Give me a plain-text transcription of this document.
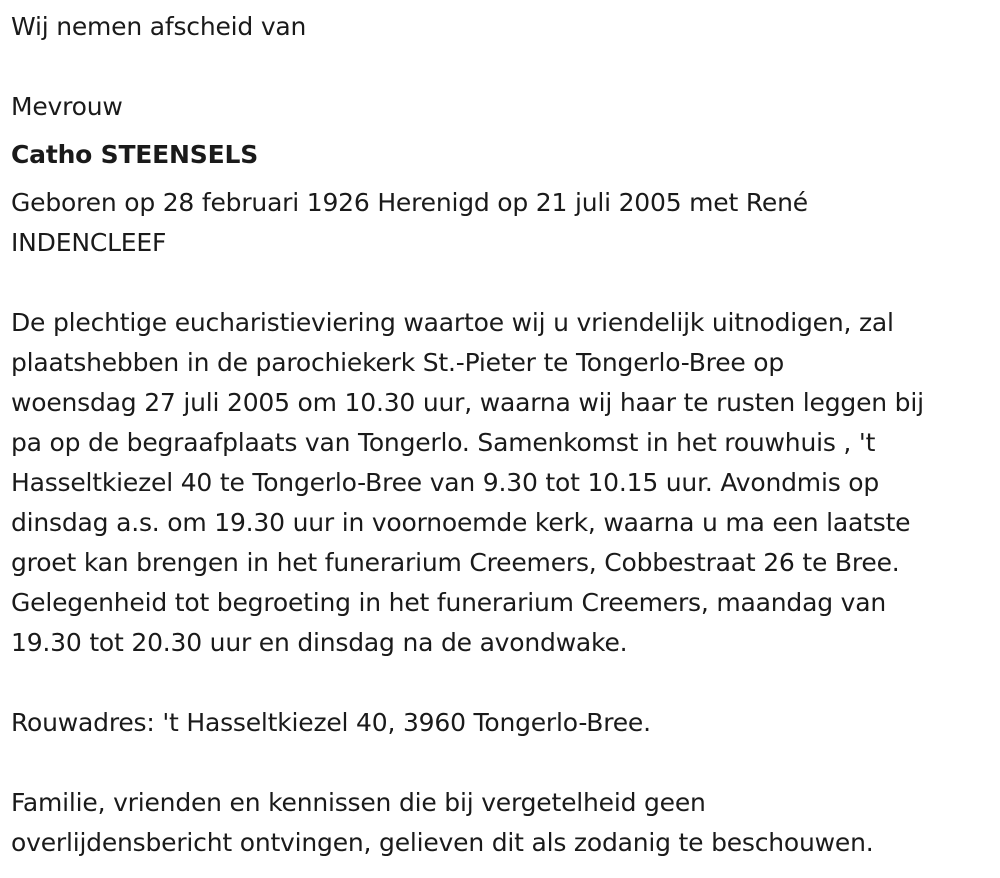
Wij nemen afscheid van

Mevrouw

Catho STEENSELS

Geboren op 28 februari 1926 Herenigd op 21 juli 2005 met René

INDENCLEEF

De plechtige eucharistieviering waartoe wij u vriendelijk uitnodigen, zal

plaatshebben in de parochiekerk St.-Pieter te Tongerlo-Bree op

woensdag 27 juli 2005 om 10.30 uur, waarna wij haar te rusten leggen bij

pa op de begraafplaats van Tongerlo. Samenkomst in het rouwhuis , 't

Hasseltkiezel 40 te Tongerlo-Bree van 9.30 tot 10.15 uur. Avondmis op

dinsdag a.s. om 19.30 uur in voornoemde kerk, waarna u ma een laatste

groet kan brengen in het funerarium Creemers, Cobbestraat 26 te Bree.

Gelegenheid tot begroeting in het funerarium Creemers, maandag van

19.30 tot 20.30 uur en dinsdag na de avondwake.

Rouwadres: 't Hasseltkiezel 40, 3960 Tongerlo-Bree.

Familie, vrienden en kennissen die bij vergetelheid geen

overlijdensbericht ontvingen, gelieven dit als zodanig te beschouwen.
